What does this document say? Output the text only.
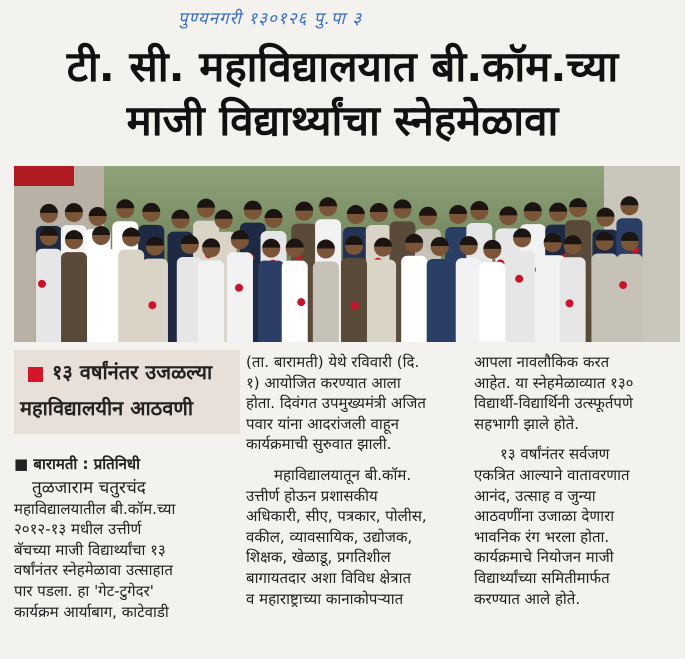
पुण्यनगरी १३०१२६ पु.पा ३
टी. सी. महाविद्यालयात बी.कॉम.च्या
माजी विद्यार्थ्यांचा स्नेहमेळावा
१३ वर्षांनंतर उजळल्या
महाविद्यालयीन आठवणी
■ बारामती : प्रतिनिधी

तुळजाराम चतुरचंद

महाविद्यालयातील बी.कॉम.च्या

२०१२-१३ मधील उत्तीर्ण

बॅचच्या माजी विद्यार्थ्यांचा १३

वर्षांनंतर स्नेहमेळावा उत्साहात

पार पडला. हा 'गेट-टुगेदर'

कार्यक्रम आर्याबाग, काटेवाडी

(ता. बारामती) येथे रविवारी (दि.

१) आयोजित करण्यात आला

होता. दिवंगत उपमुख्यमंत्री अजित

पवार यांना आदरांजली वाहून

कार्यक्रमाची सुरुवात झाली.

महाविद्यालयातून बी.कॉम.

उत्तीर्ण होऊन प्रशासकीय

अधिकारी, सीए, पत्रकार, पोलीस,

वकील, व्यावसायिक, उद्योजक,

शिक्षक, खेळाडू, प्रगतिशील

बागायतदार अशा विविध क्षेत्रात

व महाराष्ट्राच्या कानाकोपऱ्यात

आपला नावलौकिक करत

आहेत. या स्नेहमेळाव्यात १३०

विद्यार्थी-विद्यार्थिनी उत्स्फूर्तपणे

सहभागी झाले होते.

१३ वर्षांनंतर सर्वजण

एकत्रित आल्याने वातावरणात

आनंद, उत्साह व जुन्या

आठवणींना उजाळा देणारा

भावनिक रंग भरला होता.

कार्यक्रमाचे नियोजन माजी

विद्यार्थ्यांच्या समितीमार्फत

करण्यात आले होते.
